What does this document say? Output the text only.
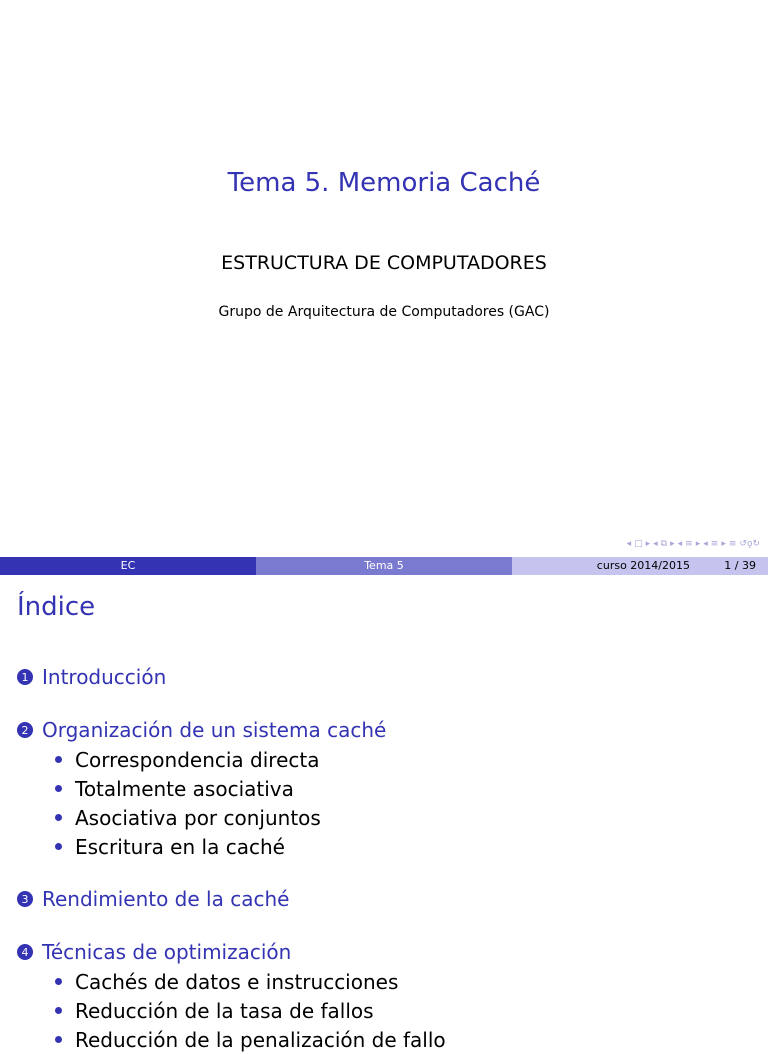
Tema 5. Memoria Caché
ESTRUCTURA DE COMPUTADORES
Grupo de Arquitectura de Computadores (GAC)
◂ □ ▸ ◂ ⧉ ▸ ◂ ≡ ▸ ◂ ≡ ▸ ≡ ↺ǫ↻
EC	Tema 5	curso 2014/2015	1 / 39
Índice
1 Introducción
2 Organización de un sistema caché
Correspondencia directa
Totalmente asociativa
Asociativa por conjuntos
Escritura en la caché
3 Rendimiento de la caché
4 Técnicas de optimización
Cachés de datos e instrucciones
Reducción de la tasa de fallos
Reducción de la penalización de fallo
